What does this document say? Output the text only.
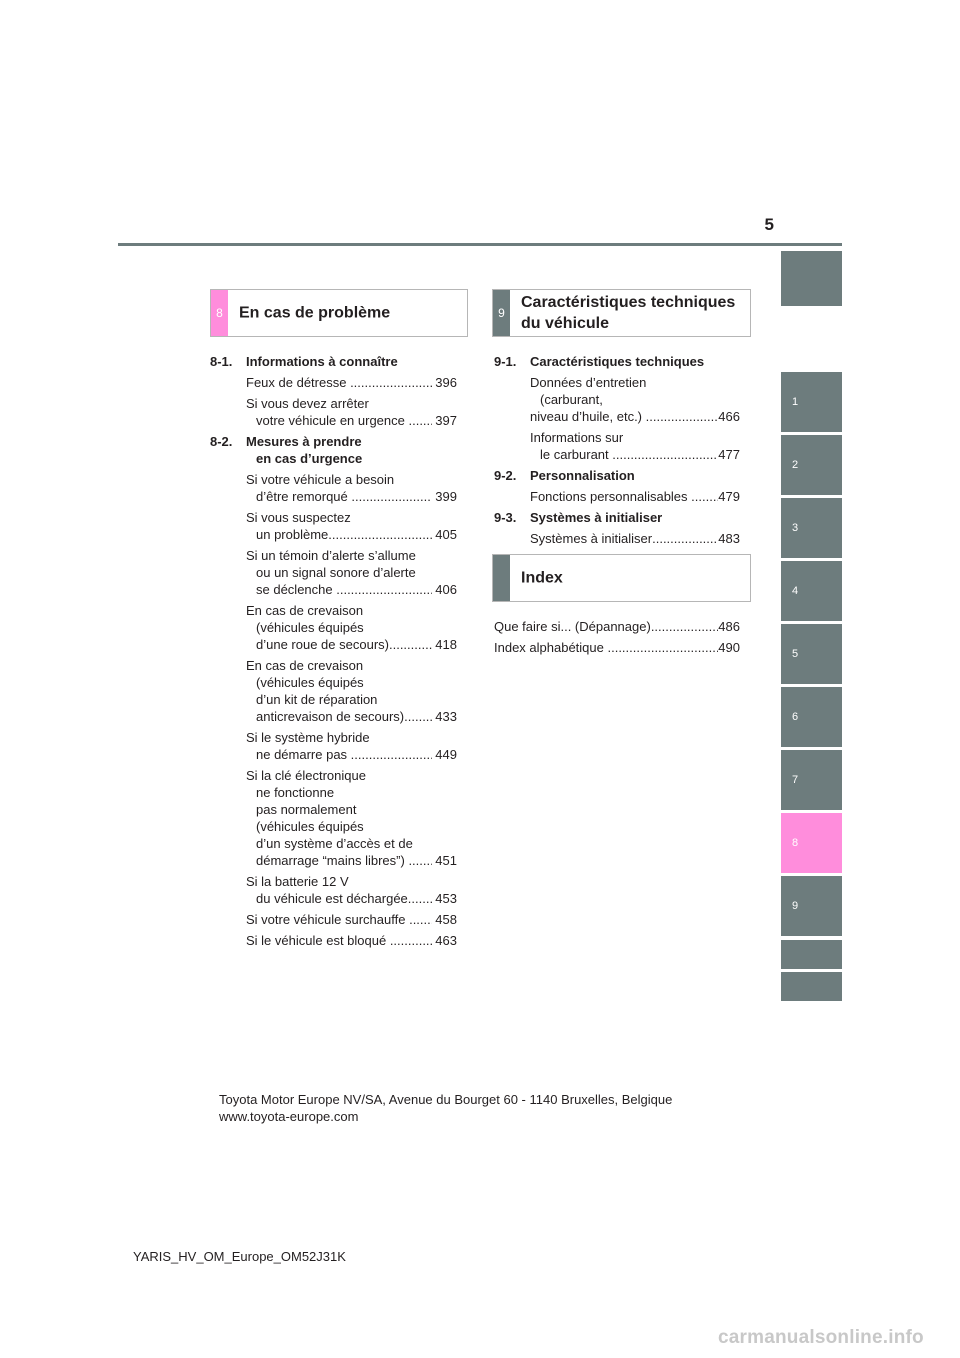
5
1
2
3
4
5
6
7
8
9
8	En cas de problème	9
Caractéristiques techniques
du véhicule
Index
8-1.	Informations à connaître
Feux de détresse .....	396
Si vous devez arrêter
votre véhicule en urgence ..... 397
8-2.	Mesures à prendre
en cas d’urgence
Si votre véhicule a besoin
d’être remorqué .....	399
Si vous suspectez
un problème .....	405
Si un témoin d’alerte s’allume
ou un signal sonore d’alerte
se déclenche .....	406
En cas de crevaison
(véhicules équipés
d’une roue de secours) .....	418
En cas de crevaison
(véhicules équipés
d’un kit de réparation
anticrevaison de secours) ..... 433
Si le système hybride
ne démarre pas .....	449
Si la clé électronique
ne fonctionne
pas normalement
(véhicules équipés
d’un système d’accès et de
démarrage “mains libres”) ..... 451
Si la batterie 12 V
du véhicule est déchargée ..... 453
Si votre véhicule surchauffe ..... 458
Si le véhicule est bloqué .....	463
9-1.	Caractéristiques techniques
Données d’entretien
(carburant,
niveau d’huile, etc.) .....	466
Informations sur
le carburant .....	477
9-2.	Personnalisation
Fonctions personnalisables ..... 479
9-3.	Systèmes à initialiser
Systèmes à initialiser .....	483
Que faire si... (Dépannage) .....	486
Index alphabétique .....	490
Toyota Motor Europe NV/SA, Avenue du Bourget 60 - 1140 Bruxelles, Belgique
www.toyota-europe.com
YARIS_HV_OM_Europe_OM52J31K
carmanualsonline.info
